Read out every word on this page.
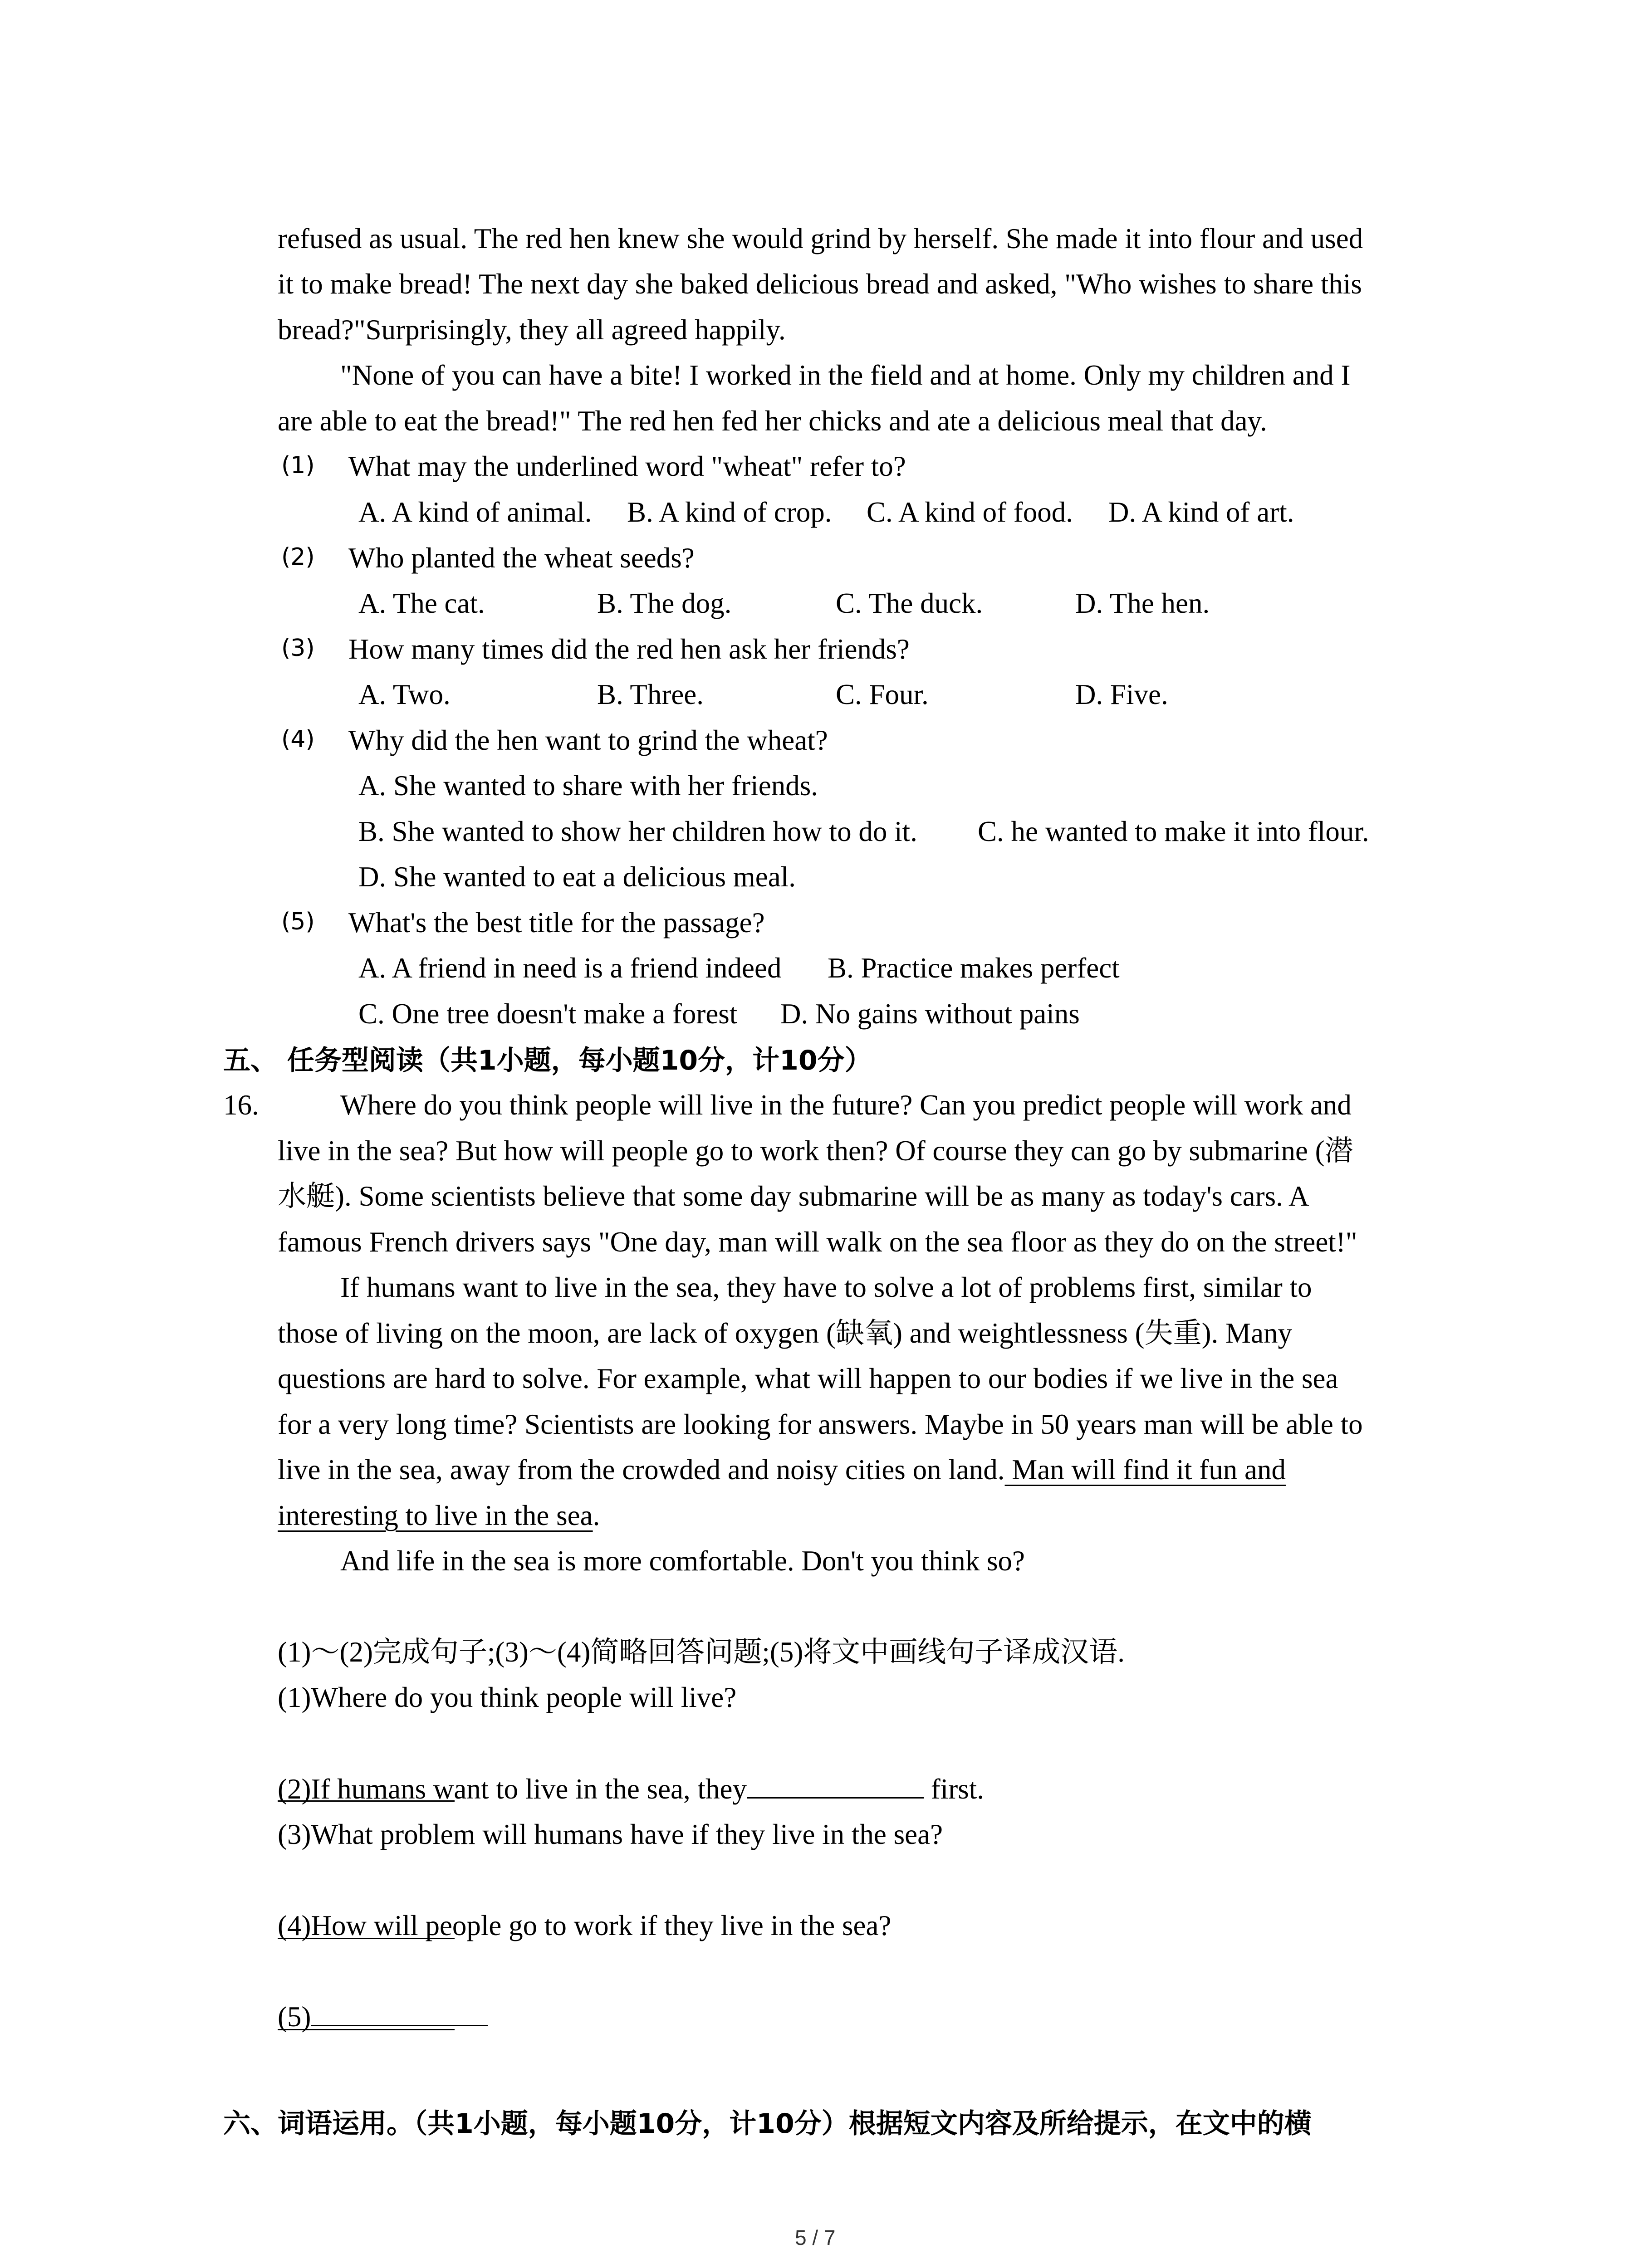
refused as usual. The red hen knew she would grind by herself. She made it into flour and used
it to make bread! The next day she baked delicious bread and asked, "Who wishes to share this
bread?"Surprisingly, they all agreed happily.
"None of you can have a bite! I worked in the field and at home. Only my children and I
are able to eat the bread!" The red hen fed her chicks and ate a delicious meal that day.
(1) What may the underlined word "wheat" refer to?
A. A kind of animal. B. A kind of crop. C. A kind of food. D. A kind of art.
(2) Who planted the wheat seeds?
A. The cat.	B. The dog.	C. The duck.	D. The hen.
(3) How many times did the red hen ask her friends?
A. Two.	B. Three.	C. Four.	D. Five.
(4) Why did the hen want to grind the wheat?
A. She wanted to share with her friends.
B. She wanted to show her children how to do it. C. he wanted to make it into flour.
D. She wanted to eat a delicious meal.
(5) What's the best title for the passage?
A. A friend in need is a friend indeed B. Practice makes perfect
C. One tree doesn't make a forest D. No gains without pains
五、 任务型阅读（共1小题，每小题10分，计10分）
16.	Where do you think people will live in the future? Can you predict people will work and
live in the sea? But how will people go to work then? Of course they can go by submarine (潜
水艇). Some scientists believe that some day submarine will be as many as today's cars. A
famous French drivers says "One day, man will walk on the sea floor as they do on the street!"
If humans want to live in the sea, they have to solve a lot of problems first, similar to
those of living on the moon, are lack of oxygen (缺氧) and weightlessness (失重). Many
questions are hard to solve. For example, what will happen to our bodies if we live in the sea
for a very long time? Scientists are looking for answers. Maybe in 50 years man will be able to
live in the sea, away from the crowded and noisy cities on land. Man will find it fun and
interesting to live in the sea.
And life in the sea is more comfortable. Don't you think so?
(1)～(2)完成句子;(3)～(4)简略回答问题;(5)将文中画线句子译成汉语.
(1)Where do you think people will live?
(2)If humans want to live in the sea, they	first.
(3)What problem will humans have if they live in the sea?
(4)How will people go to work if they live in the sea?
(5)
六、词语运用。（共1小题，每小题10分，计10分）根据短文内容及所给提示，在文中的横
5 / 7
